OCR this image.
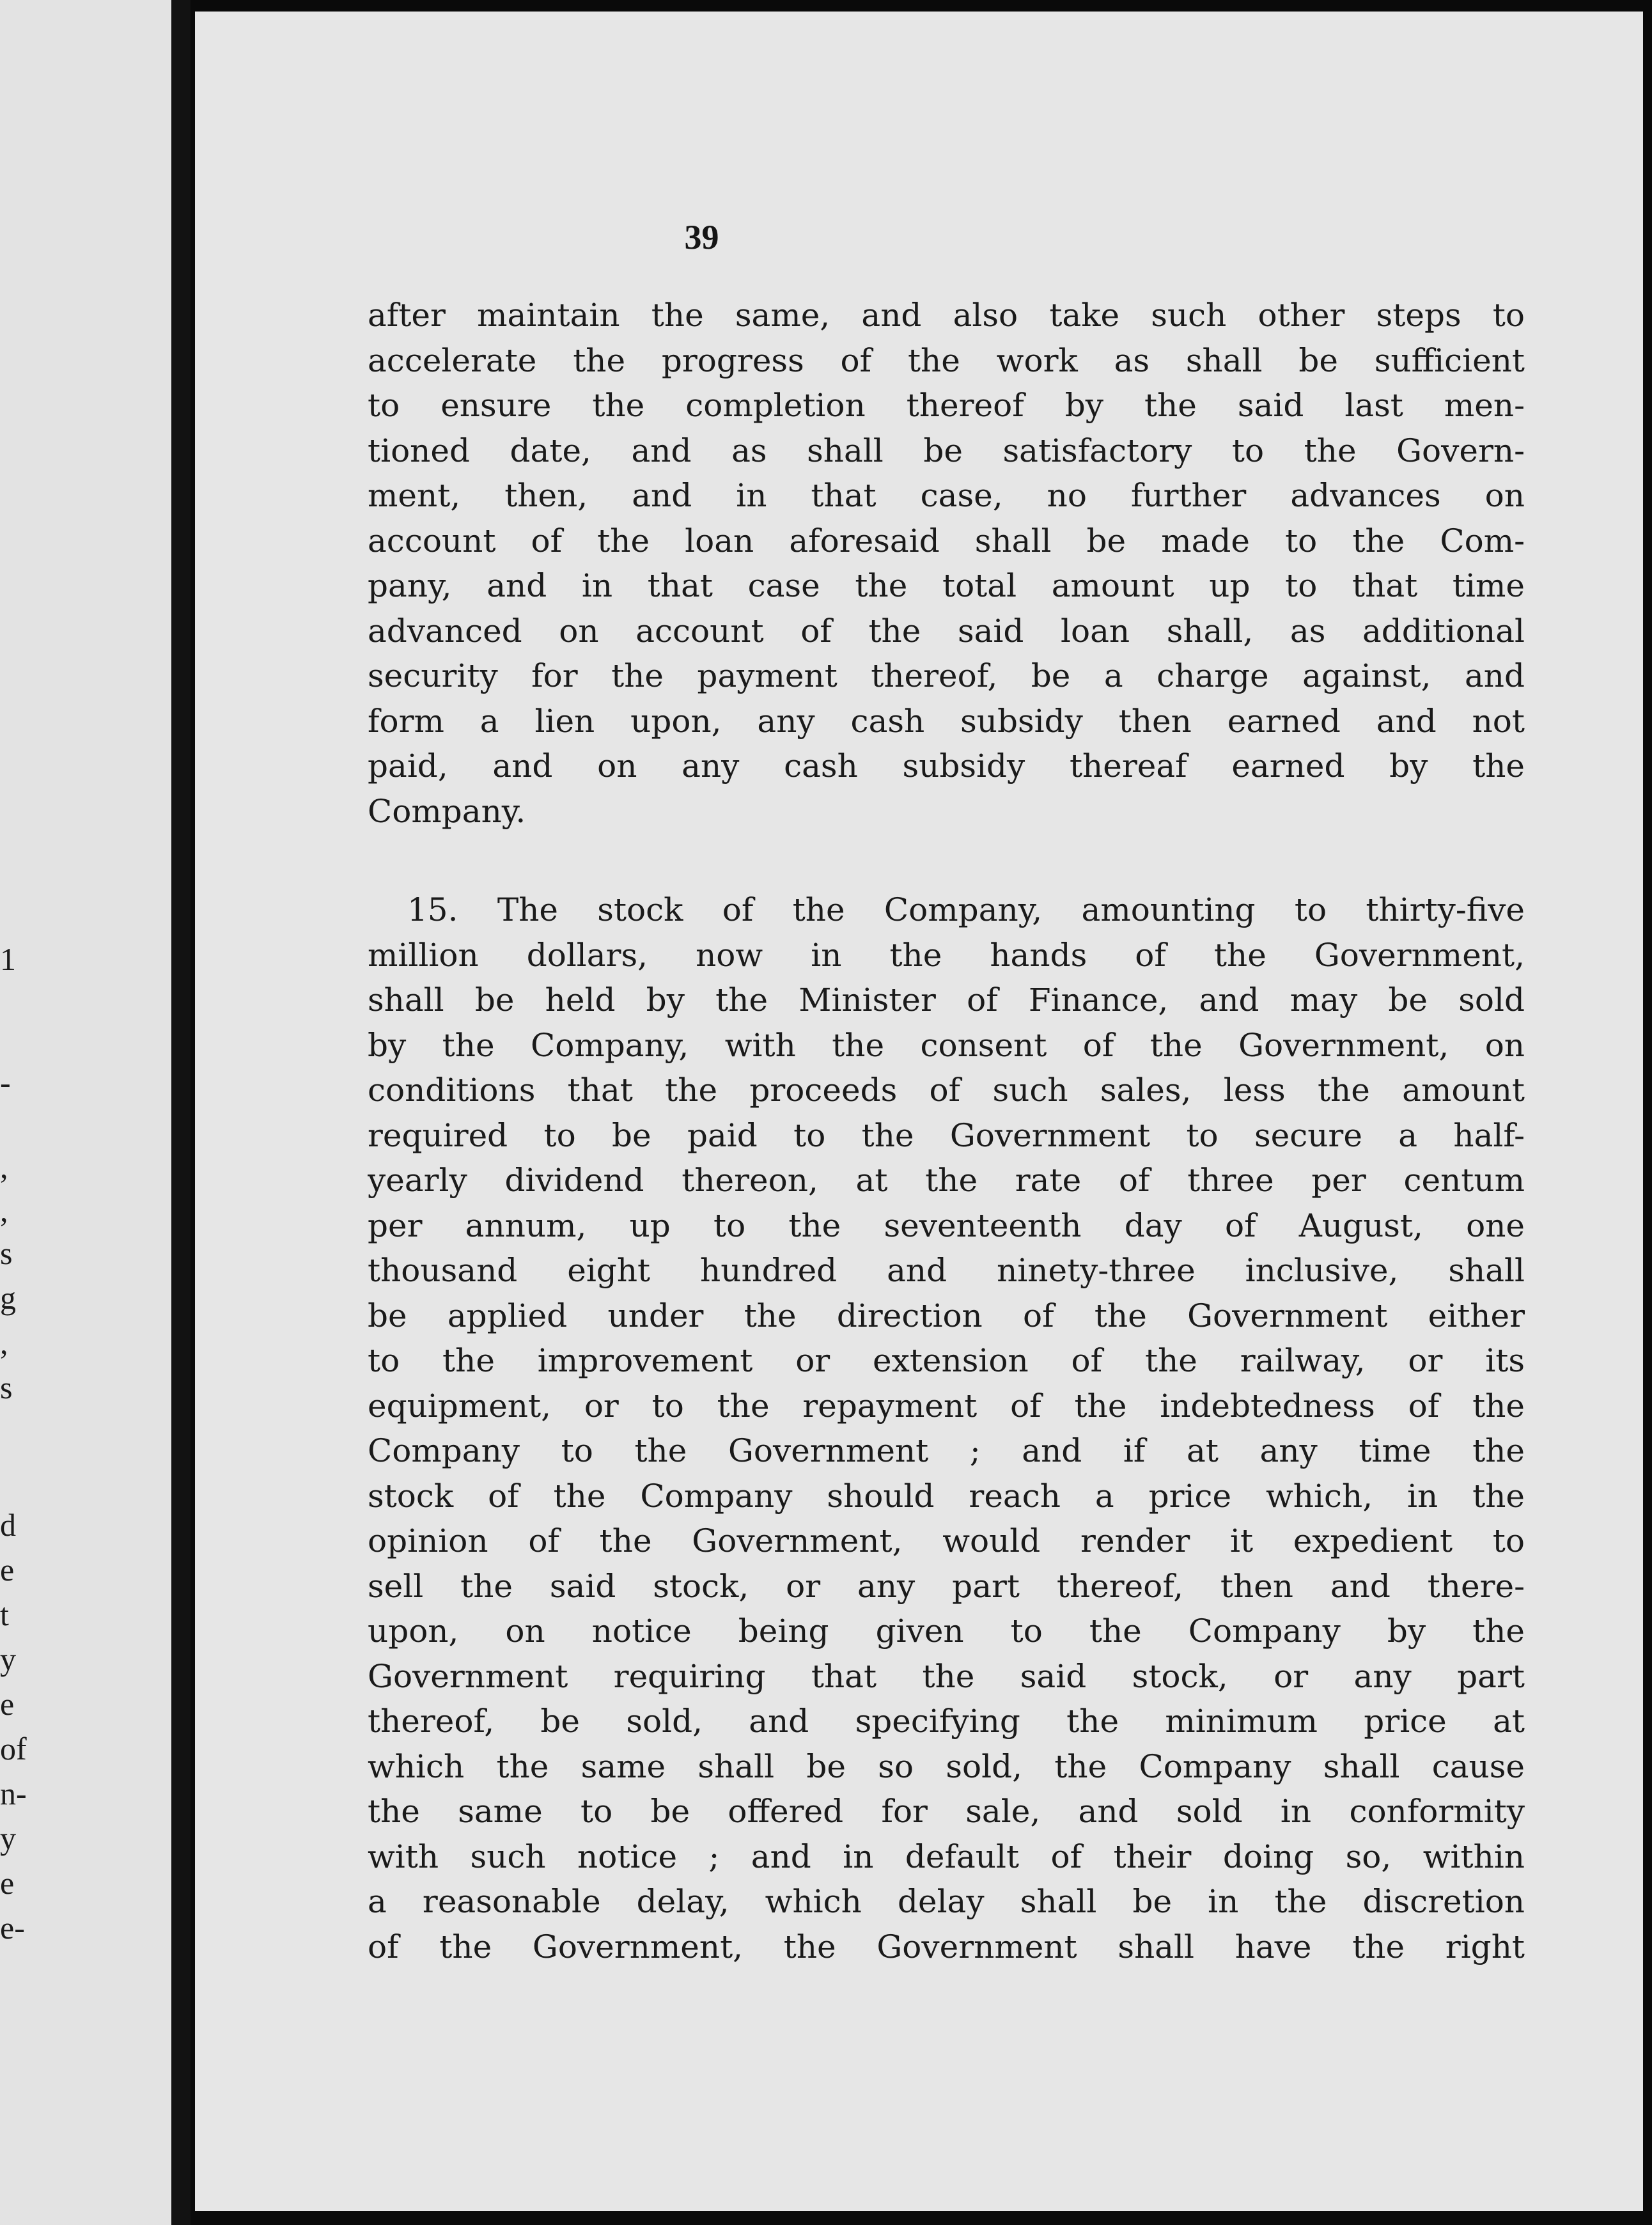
1
-
,
,
s
g
,
s
d
e
t
y
e
of
n-
y
e
e-
39
after maintain the same, and also take such other steps to
accelerate the progress of the work as shall be sufficient
to ensure the completion thereof by the said last men-
tioned date, and as shall be satisfactory to the Govern-
ment, then, and in that case, no further advances on
account of the loan aforesaid shall be made to the Com-
pany, and in that case the total amount up to that time
advanced on account of the said loan shall, as additional
security for the payment thereof, be a charge against, and
form a lien upon, any cash subsidy then earned and not
paid, and on any cash subsidy thereaf earned by the
Company.
15. The stock of the Company, amounting to thirty-five
million dollars, now in the hands of the Government,
shall be held by the Minister of Finance, and may be sold
by the Company, with the consent of the Government, on
conditions that the proceeds of such sales, less the amount
required to be paid to the Government to secure a half-
yearly dividend thereon, at the rate of three per centum
per annum, up to the seventeenth day of August, one
thousand eight hundred and ninety-three inclusive, shall
be applied under the direction of the Government either
to the improvement or extension of the railway, or its
equipment, or to the repayment of the indebtedness of the
Company to the Government ; and if at any time the
stock of the Company should reach a price which, in the
opinion of the Government, would render it expedient to
sell the said stock, or any part thereof, then and there-
upon, on notice being given to the Company by the
Government requiring that the said stock, or any part
thereof, be sold, and specifying the minimum price at
which the same shall be so sold, the Company shall cause
the same to be offered for sale, and sold in conformity
with such notice ; and in default of their doing so, within
a reasonable delay, which delay shall be in the discretion
of the Government, the Government shall have the right
